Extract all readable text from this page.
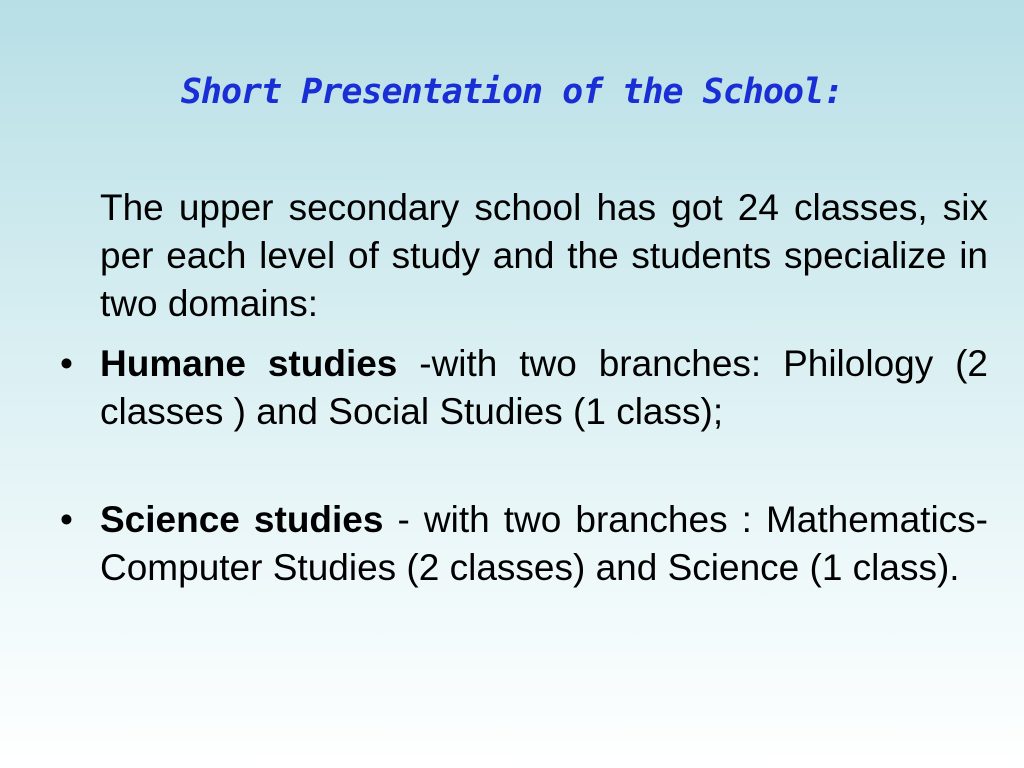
Short Presentation of the School:
The upper secondary school has got 24 classes, six per each level of study and the students specialize in two domains:
• Humane studies -with two branches: Philology (2 classes ) and Social Studies (1 class);
• Science studies - with two branches : Mathematics-Computer Studies (2 classes) and Science (1 class).
